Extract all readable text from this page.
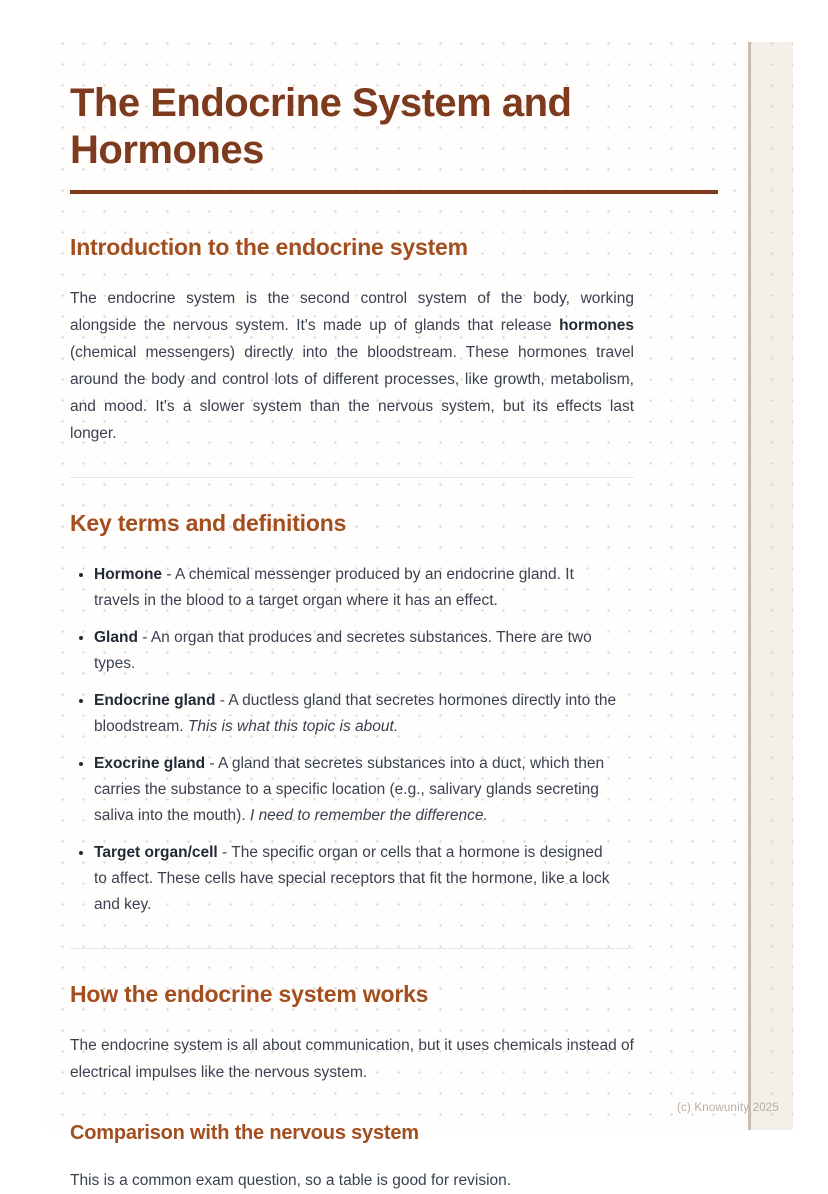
The Endocrine System and Hormones
Introduction to the endocrine system

The endocrine system is the second control system of the body, working alongside the nervous system. It's made up of glands that release hormones (chemical messengers) directly into the bloodstream. These hormones travel around the body and control lots of different processes, like growth, metabolism, and mood. It's a slower system than the nervous system, but its effects last longer.

Key terms and definitions
• Hormone - A chemical messenger produced by an endocrine gland. It travels in the blood to a target organ where it has an effect.
• Gland - An organ that produces and secretes substances. There are two types.
• Endocrine gland - A ductless gland that secretes hormones directly into the bloodstream. This is what this topic is about.
• Exocrine gland - A gland that secretes substances into a duct, which then carries the substance to a specific location (e.g., salivary glands secreting saliva into the mouth). I need to remember the difference.
• Target organ/cell - The specific organ or cells that a hormone is designed to affect. These cells have special receptors that fit the hormone, like a lock and key.
How the endocrine system works

The endocrine system is all about communication, but it uses chemicals instead of electrical impulses like the nervous system.

Comparison with the nervous system

This is a common exam question, so a table is good for revision.

(c) Knowunity 2025
